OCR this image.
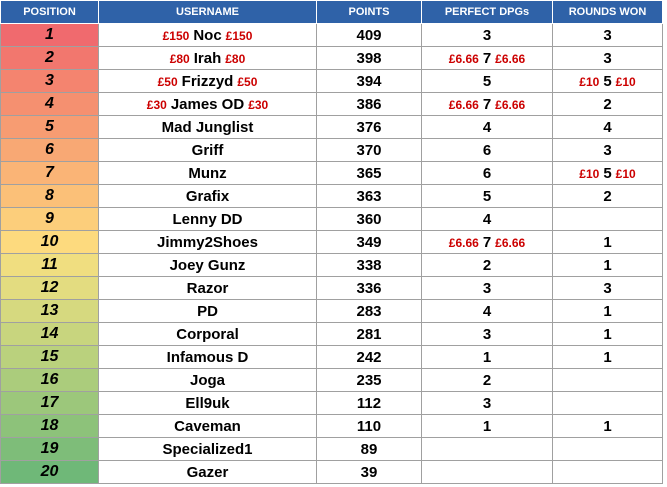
POSITION	USERNAME	POINTS	PERFECT DPGs	ROUNDS WON
1	£150 Noc £150	409	3	3
2	£80 Irah £80	398	£6.66 7 £6.66	3
3	£50 Frizzyd £50	394	5	£10 5 £10
4	£30 James OD £30	386	£6.66 7 £6.66	2
5	Mad Junglist	376	4	4
6	Griff	370	6	3
7	Munz	365	6	£10 5 £10
8	Grafix	363	5	2
9	Lenny DD	360	4	
10	Jimmy2Shoes	349	£6.66 7 £6.66	1
11	Joey Gunz	338	2	1
12	Razor	336	3	3
13	PD	283	4	1
14	Corporal	281	3	1
15	Infamous D	242	1	1
16	Joga	235	2	
17	Ell9uk	112	3	
18	Caveman	110	1	1
19	Specialized1	89		
20	Gazer	39		
